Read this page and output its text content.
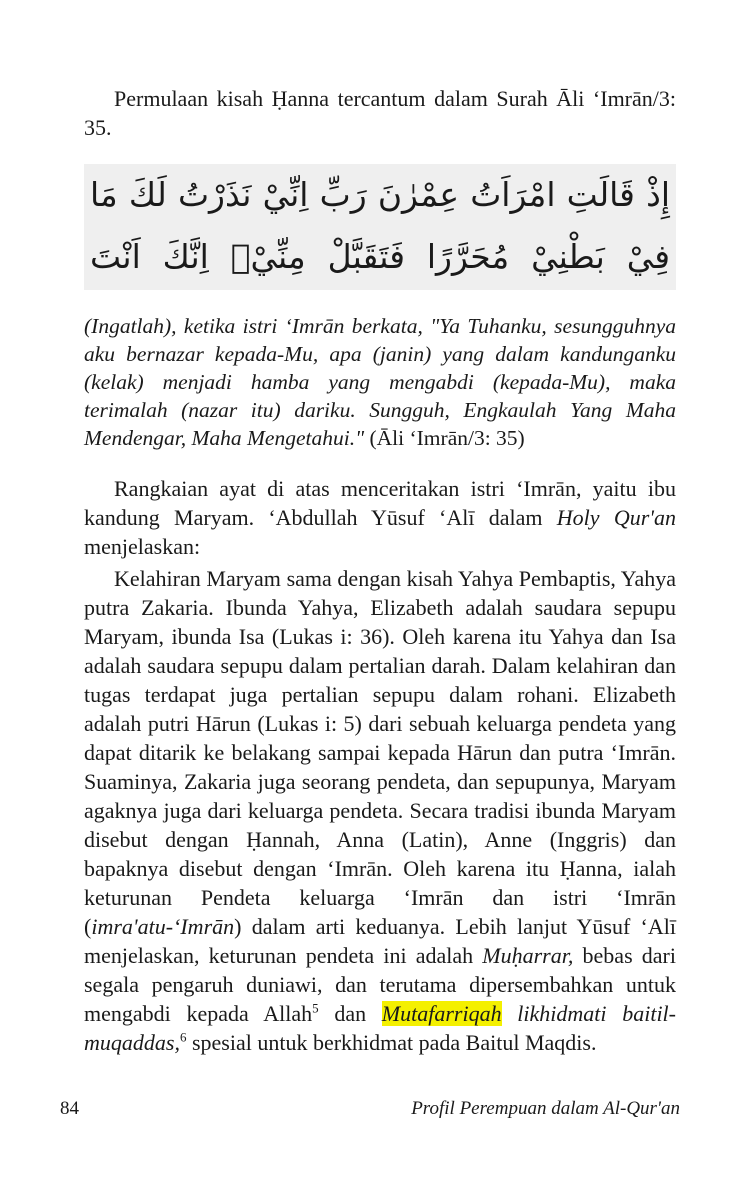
Permulaan kisah Ḥanna tercantum dalam Surah Āli ‘Imrān/3: 35.

إِذْ قَالَتِ امْرَاَتُ عِمْرٰنَ رَبِّ اِنِّيْ نَذَرْتُ لَكَ مَا فِيْ بَطْنِيْ مُحَرَّرًا فَتَقَبَّلْ مِنِّيْۚ اِنَّكَ اَنْتَ

(Ingatlah), ketika istri ‘Imrān berkata, "Ya Tuhanku, sesungguhnya aku bernazar kepada-Mu, apa (janin) yang dalam kandunganku (kelak) menjadi hamba yang mengabdi (kepada-Mu), maka terimalah (nazar itu) dariku. Sungguh, Engkaulah Yang Maha Mendengar, Maha Mengetahui." (Āli ‘Imrān/3: 35)

Rangkaian ayat di atas menceritakan istri ‘Imrān, yaitu ibu kandung Maryam. ‘Abdullah Yūsuf ‘Alī dalam Holy Qur'an menjelaskan:

Kelahiran Maryam sama dengan kisah Yahya Pembaptis, Yahya putra Zakaria. Ibunda Yahya, Elizabeth adalah saudara sepupu Maryam, ibunda Isa (Lukas i: 36). Oleh karena itu Yahya dan Isa adalah saudara sepupu dalam pertalian darah. Dalam kelahiran dan tugas terdapat juga pertalian sepupu dalam rohani. Elizabeth adalah putri Hārun (Lukas i: 5) dari sebuah keluarga pendeta yang dapat ditarik ke belakang sampai kepada Hārun dan putra ‘Imrān. Suaminya, Zakaria juga seorang pendeta, dan sepupunya, Maryam agaknya juga dari keluarga pendeta. Secara tradisi ibunda Maryam disebut dengan Ḥannah, Anna (Latin), Anne (Inggris) dan bapaknya disebut dengan ‘Imrān. Oleh karena itu Ḥanna, ialah keturunan Pendeta keluarga ‘Imrān dan istri ‘Imrān (imra'atu-‘Imrān) dalam arti keduanya. Lebih lanjut Yūsuf ‘Alī menjelaskan, keturunan pendeta ini adalah Muḥarrar, bebas dari segala pengaruh duniawi, dan terutama dipersembahkan untuk mengabdi kepada Allah$^5$ dan Mutafarriqah likhidmati baitil-muqaddas,$^6$ spesial untuk berkhidmat pada Baitul Maqdis.

84	Profil Perempuan dalam Al-Qur'an
